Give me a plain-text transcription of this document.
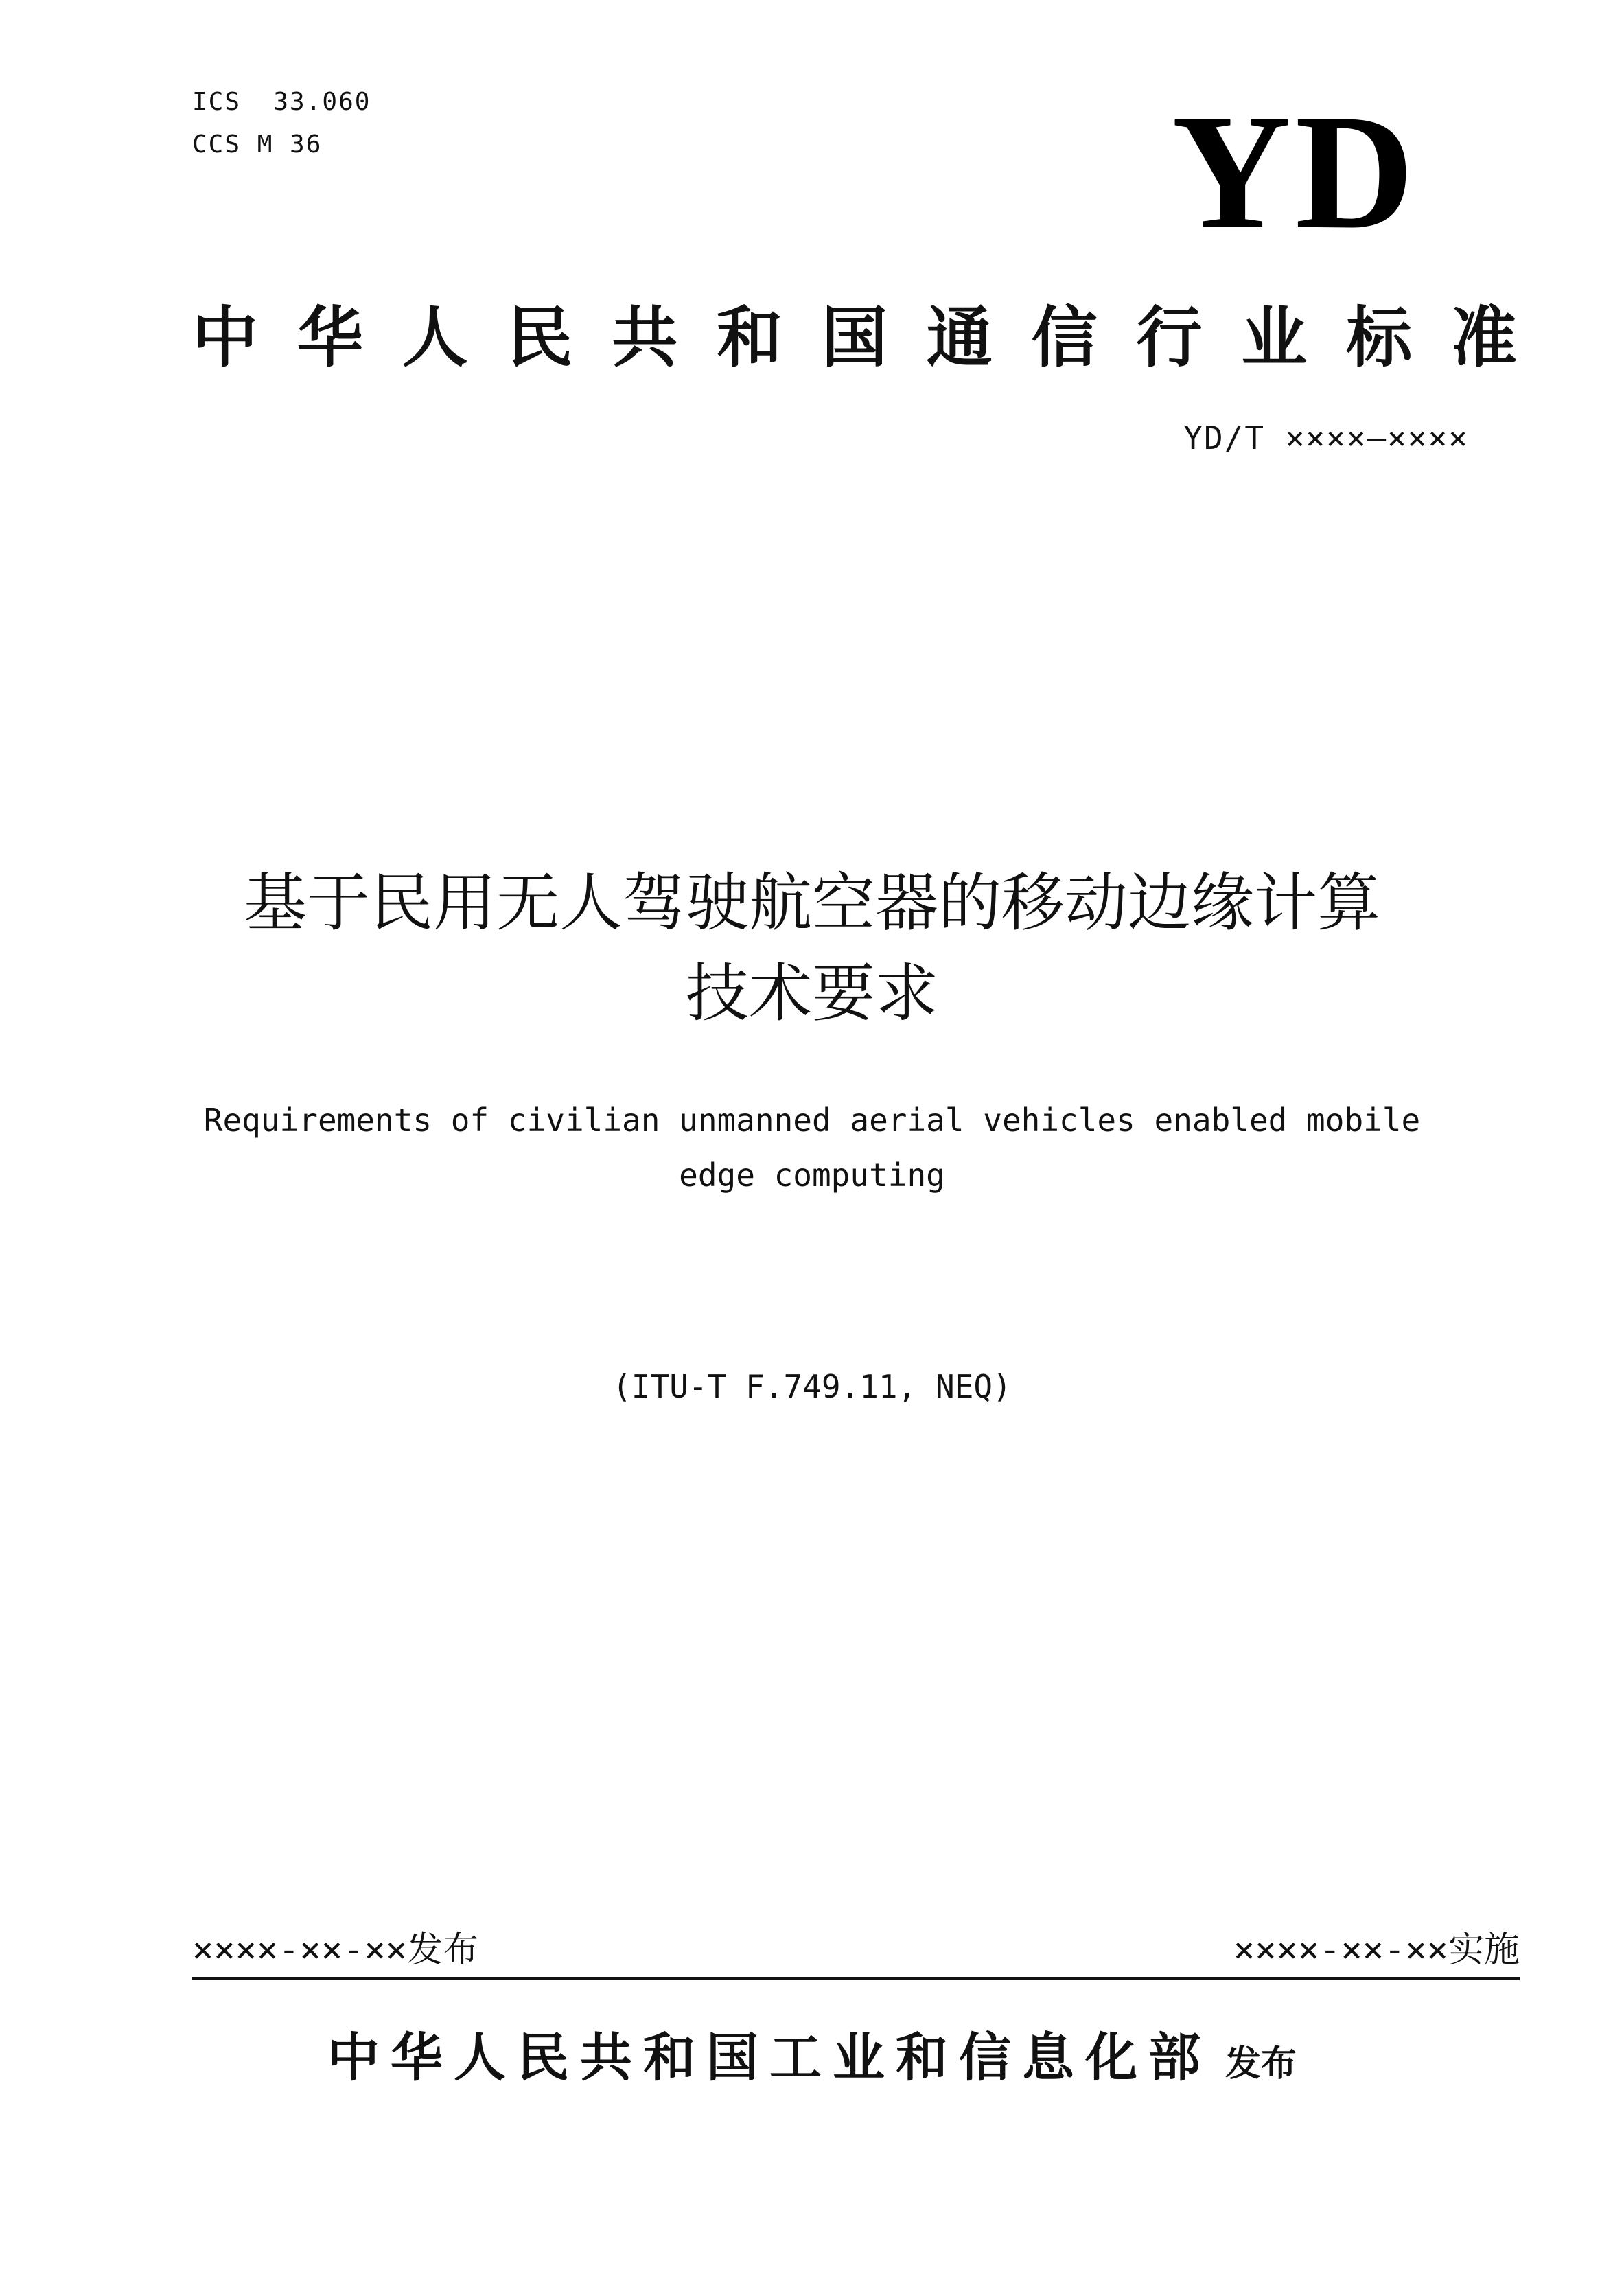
ICS  33.060
CCS M 36	YD
中 华 人 民 共 和 国 通 信 行 业 标 准
YD/T ××××—××××
基于民用无人驾驶航空器的移动边缘计算
技术要求
Requirements of civilian unmanned aerial vehicles enabled mobile
edge computing
(ITU-T F.749.11, NEQ)
××××-××-××发布	××××-××-××实施
中华人民共和国工业和信息化部 发布
